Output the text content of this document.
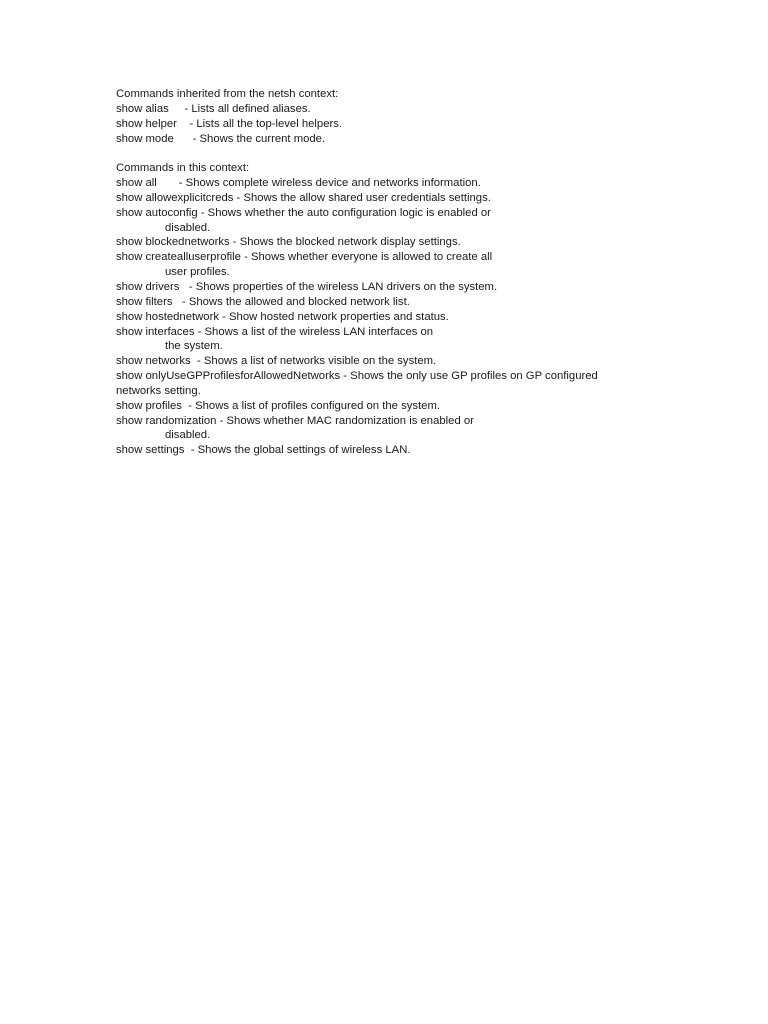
Commands inherited from the netsh context:
show alias     - Lists all defined aliases.
show helper    - Lists all the top-level helpers.
show mode      - Shows the current mode.
Commands in this context:
show all       - Shows complete wireless device and networks information.
show allowexplicitcreds - Shows the allow shared user credentials settings.
show autoconfig - Shows whether the auto configuration logic is enabled or
disabled.
show blockednetworks - Shows the blocked network display settings.
show createalluserprofile - Shows whether everyone is allowed to create all
user profiles.
show drivers   - Shows properties of the wireless LAN drivers on the system.
show filters   - Shows the allowed and blocked network list.
show hostednetwork - Show hosted network properties and status.
show interfaces - Shows a list of the wireless LAN interfaces on
the system.
show networks  - Shows a list of networks visible on the system.
show onlyUseGPProfilesforAllowedNetworks - Shows the only use GP profiles on GP configured
networks setting.
show profiles  - Shows a list of profiles configured on the system.
show randomization - Shows whether MAC randomization is enabled or
disabled.
show settings  - Shows the global settings of wireless LAN.
